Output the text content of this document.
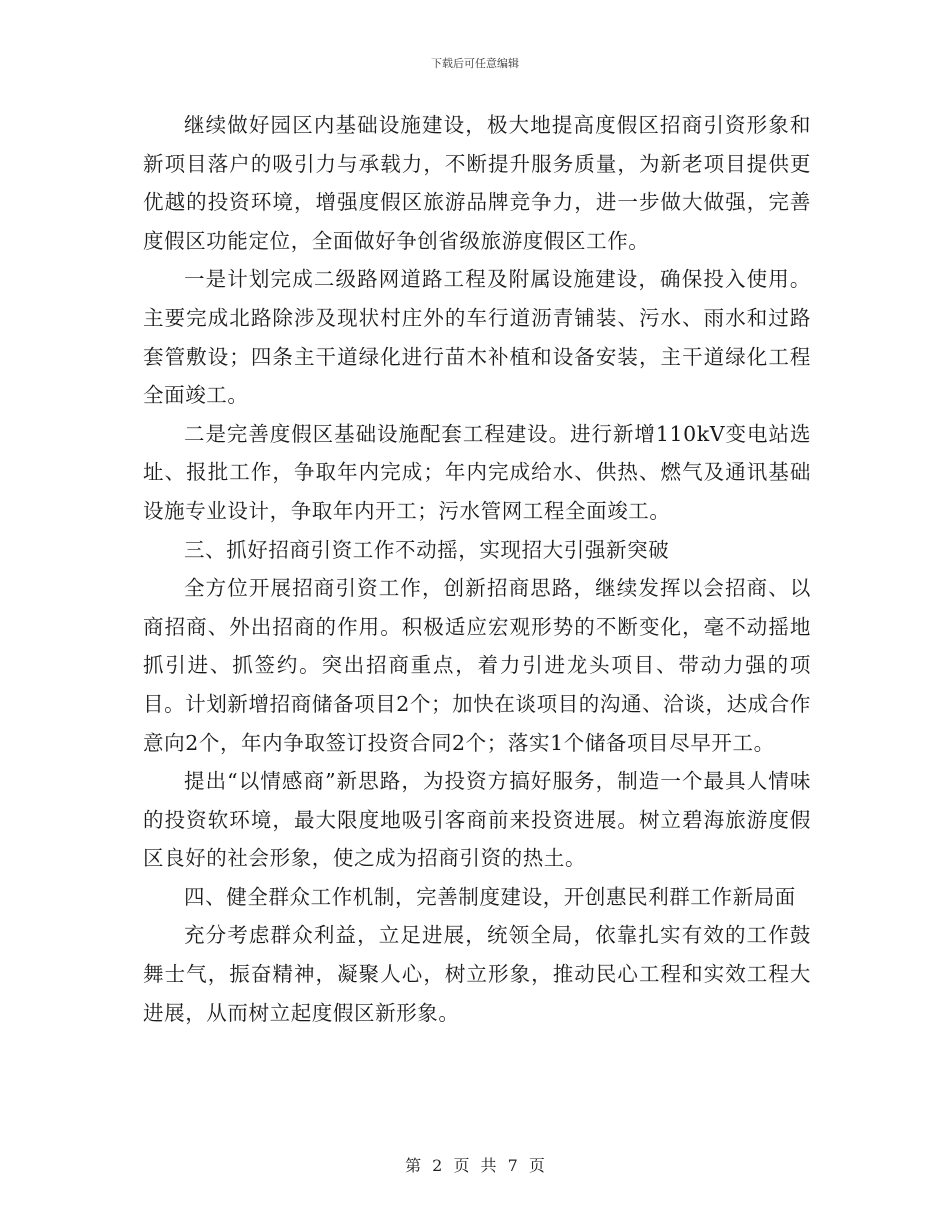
下载后可任意编辑

继续做好园区内基础设施建设，极大地提高度假区招商引资形象和新项目落户的吸引力与承载力，不断提升服务质量，为新老项目提供更优越的投资环境，增强度假区旅游品牌竞争力，进一步做大做强，完善度假区功能定位，全面做好争创省级旅游度假区工作。

一是计划完成二级路网道路工程及附属设施建设，确保投入使用。主要完成北路除涉及现状村庄外的车行道沥青铺装、污水、雨水和过路套管敷设；四条主干道绿化进行苗木补植和设备安装，主干道绿化工程全面竣工。

二是完善度假区基础设施配套工程建设。进行新增110kV变电站选址、报批工作，争取年内完成；年内完成给水、供热、燃气及通讯基础设施专业设计，争取年内开工；污水管网工程全面竣工。

三、抓好招商引资工作不动摇，实现招大引强新突破

全方位开展招商引资工作，创新招商思路，继续发挥以会招商、以商招商、外出招商的作用。积极适应宏观形势的不断变化，毫不动摇地抓引进、抓签约。突出招商重点，着力引进龙头项目、带动力强的项目。计划新增招商储备项目2个；加快在谈项目的沟通、洽谈，达成合作意向2个，年内争取签订投资合同2个；落实1个储备项目尽早开工。

提出“以情感商”新思路，为投资方搞好服务，制造一个最具人情味的投资软环境，最大限度地吸引客商前来投资进展。树立碧海旅游度假区良好的社会形象，使之成为招商引资的热土。

四、健全群众工作机制，完善制度建设，开创惠民利群工作新局面

充分考虑群众利益，立足进展，统领全局，依靠扎实有效的工作鼓舞士气，振奋精神，凝聚人心，树立形象，推动民心工程和实效工程大进展，从而树立起度假区新形象。

第 2 页 共 7 页
